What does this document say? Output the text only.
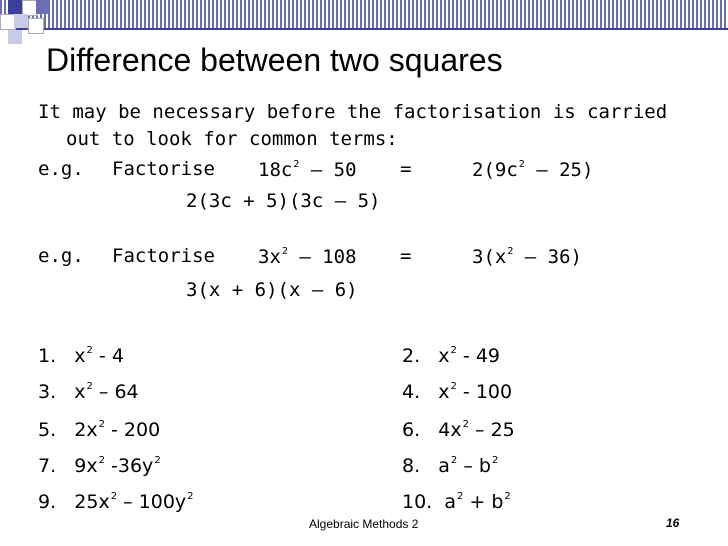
Difference between two squares
It may be necessary before the factorisation is carried
out to look for common terms:
e.g. Factorise $18c^2 - 50$ =	$2(9c^2 - 25)$
2(3c + 5)(3c – 5)
e.g. Factorise $3x^2 - 108$ =	$3(x^2 - 36)$
3(x + 6)(x – 6)
1. $x^2 - 4$	2. $x^2 - 49$
3. $x^2 - 64$	4. $x^2 - 100$
5. $2x^2 - 200$	6. $4x^2 - 25$
7. $9x^2$ $-36y^2$	8. $a^2 - b^2$
9. $25x^2 - 100y^2$	10. $a^2 + b^2$
Algebraic Methods 2	16
